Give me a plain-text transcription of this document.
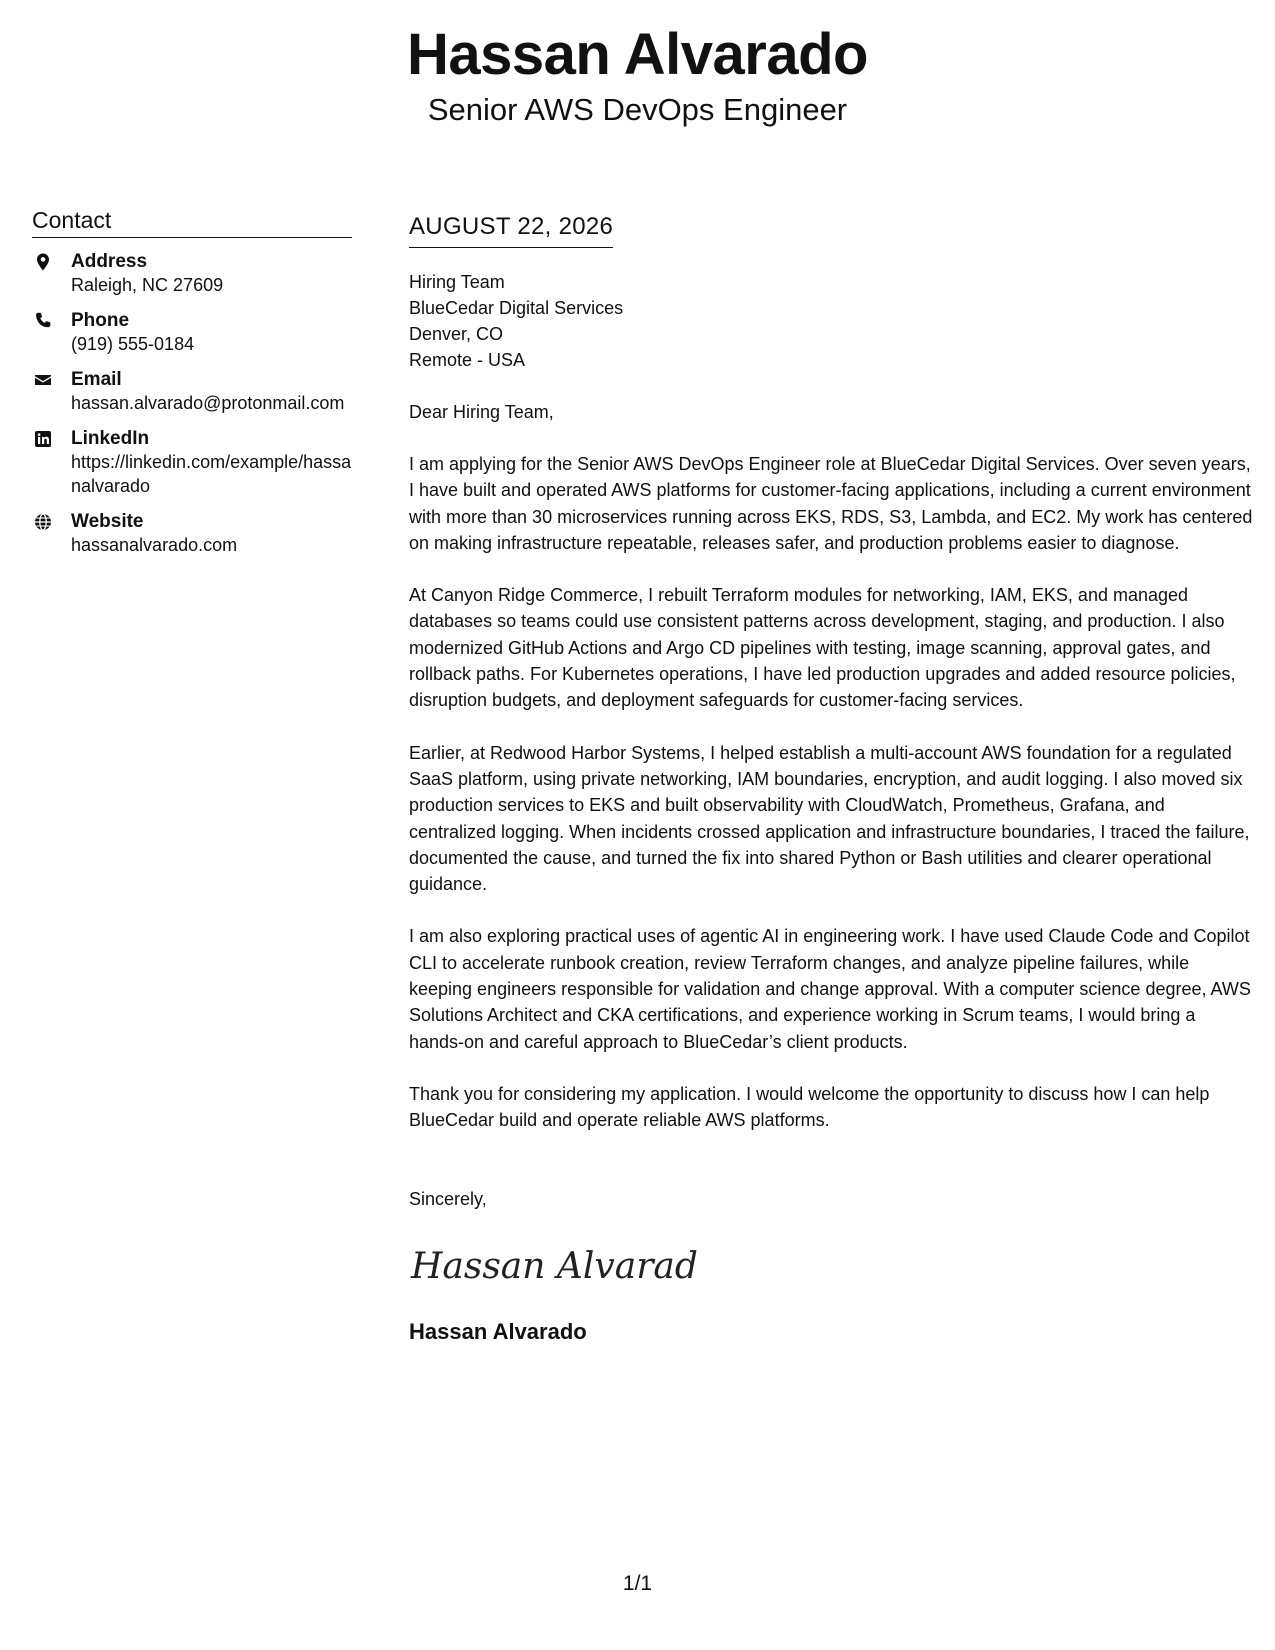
Hassan Alvarado
Senior AWS DevOps Engineer
Contact
Address
Raleigh, NC 27609
Phone
(919) 555-0184
Email
hassan.alvarado@protonmail.com
LinkedIn
https://linkedin.com/example/hassanalvarado
Website
hassanalvarado.com
AUGUST 22, 2026
Hiring Team
BlueCedar Digital Services
Denver, CO
Remote - USA
Dear Hiring Team,
I am applying for the Senior AWS DevOps Engineer role at BlueCedar Digital Services. Over seven years, I have built and operated AWS platforms for customer-facing applications, including a current environment with more than 30 microservices running across EKS, RDS, S3, Lambda, and EC2. My work has centered on making infrastructure repeatable, releases safer, and production problems easier to diagnose.
At Canyon Ridge Commerce, I rebuilt Terraform modules for networking, IAM, EKS, and managed databases so teams could use consistent patterns across development, staging, and production. I also modernized GitHub Actions and Argo CD pipelines with testing, image scanning, approval gates, and rollback paths. For Kubernetes operations, I have led production upgrades and added resource policies, disruption budgets, and deployment safeguards for customer-facing services.
Earlier, at Redwood Harbor Systems, I helped establish a multi-account AWS foundation for a regulated SaaS platform, using private networking, IAM boundaries, encryption, and audit logging. I also moved six production services to EKS and built observability with CloudWatch, Prometheus, Grafana, and centralized logging. When incidents crossed application and infrastructure boundaries, I traced the failure, documented the cause, and turned the fix into shared Python or Bash utilities and clearer operational guidance.
I am also exploring practical uses of agentic AI in engineering work. I have used Claude Code and Copilot CLI to accelerate runbook creation, review Terraform changes, and analyze pipeline failures, while keeping engineers responsible for validation and change approval. With a computer science degree, AWS Solutions Architect and CKA certifications, and experience working in Scrum teams, I would bring a hands-on and careful approach to BlueCedar’s client products.
Thank you for considering my application. I would welcome the opportunity to discuss how I can help BlueCedar build and operate reliable AWS platforms.
Sincerely,
Hassan Alvarad
Hassan Alvarado
1/1
